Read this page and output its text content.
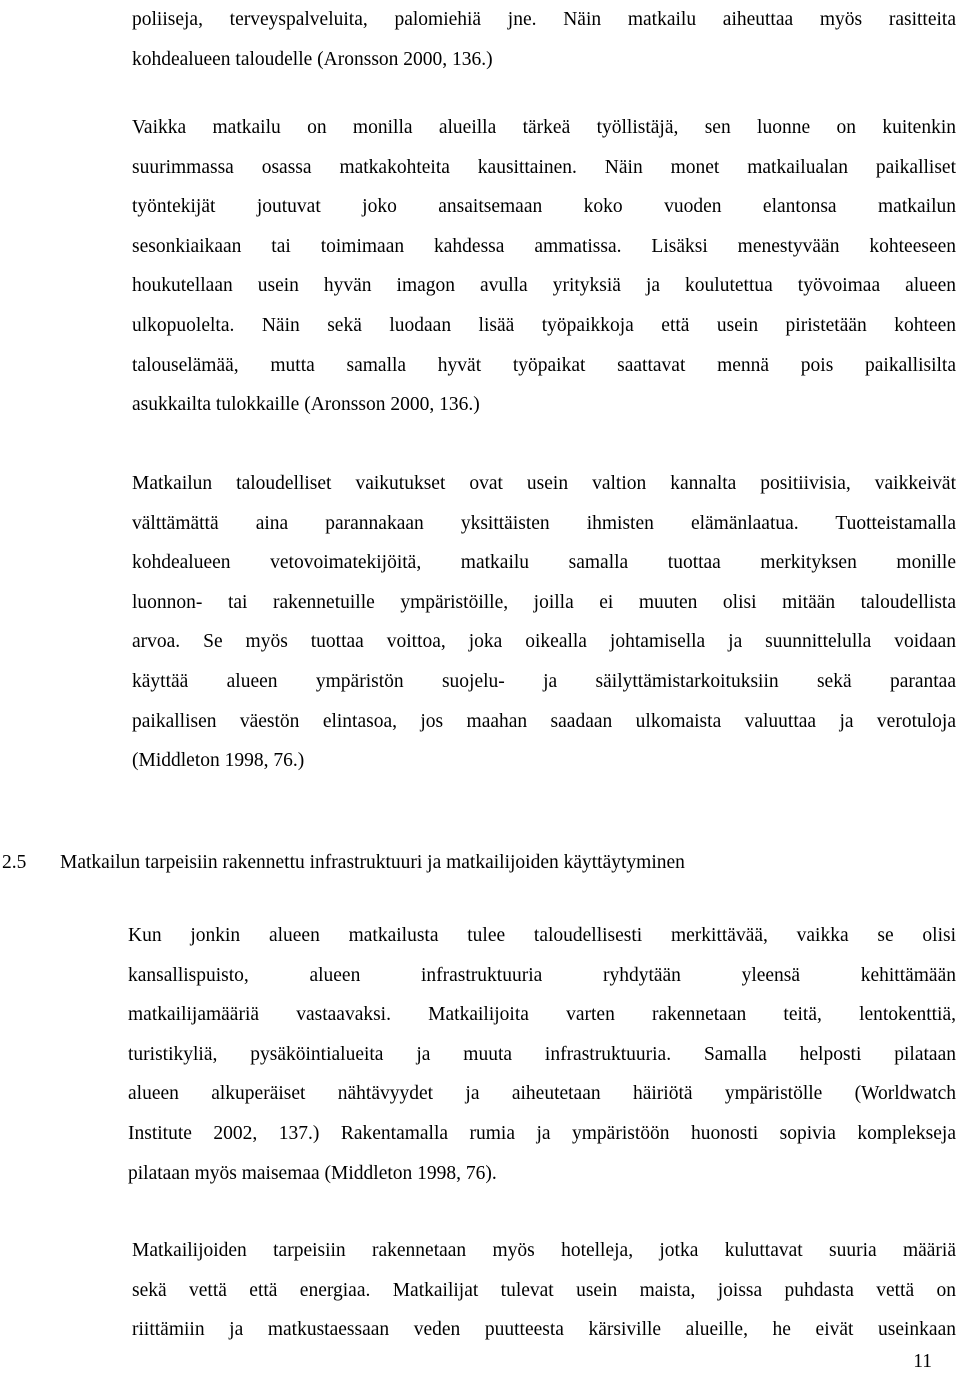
poliiseja, terveyspalveluita, palomiehiä jne. Näin matkailu aiheuttaa myös rasitteita
kohdealueen taloudelle (Aronsson 2000, 136.)
Vaikka matkailu on monilla alueilla tärkeä työllistäjä, sen luonne on kuitenkin
suurimmassa osassa matkakohteita kausittainen. Näin monet matkailualan paikalliset
työntekijät joutuvat joko ansaitsemaan koko vuoden elantonsa matkailun
sesonkiaikaan tai toimimaan kahdessa ammatissa. Lisäksi menestyvään kohteeseen
houkutellaan usein hyvän imagon avulla yrityksiä ja koulutettua työvoimaa alueen
ulkopuolelta. Näin sekä luodaan lisää työpaikkoja että usein piristetään kohteen
talouselämää, mutta samalla hyvät työpaikat saattavat mennä pois paikallisilta
asukkailta tulokkaille (Aronsson 2000, 136.)
Matkailun taloudelliset vaikutukset ovat usein valtion kannalta positiivisia, vaikkeivät
välttämättä aina parannakaan yksittäisten ihmisten elämänlaatua. Tuotteistamalla
kohdealueen vetovoimatekijöitä, matkailu samalla tuottaa merkityksen monille
luonnon- tai rakennetuille ympäristöille, joilla ei muuten olisi mitään taloudellista
arvoa. Se myös tuottaa voittoa, joka oikealla johtamisella ja suunnittelulla voidaan
käyttää alueen ympäristön suojelu- ja säilyttämistarkoituksiin sekä parantaa
paikallisen väestön elintasoa, jos maahan saadaan ulkomaista valuuttaa ja verotuloja
(Middleton 1998, 76.)
2.5 Matkailun tarpeisiin rakennettu infrastruktuuri ja matkailijoiden käyttäytyminen
Kun jonkin alueen matkailusta tulee taloudellisesti merkittävää, vaikka se olisi
kansallispuisto, alueen infrastruktuuria ryhdytään yleensä kehittämään
matkailijamääriä vastaavaksi. Matkailijoita varten rakennetaan teitä, lentokenttiä,
turistikyliä, pysäköintialueita ja muuta infrastruktuuria. Samalla helposti pilataan
alueen alkuperäiset nähtävyydet ja aiheutetaan häiriötä ympäristölle (Worldwatch
Institute 2002, 137.) Rakentamalla rumia ja ympäristöön huonosti sopivia komplekseja
pilataan myös maisemaa (Middleton 1998, 76).
Matkailijoiden tarpeisiin rakennetaan myös hotelleja, jotka kuluttavat suuria määriä
sekä vettä että energiaa. Matkailijat tulevat usein maista, joissa puhdasta vettä on
riittämiin ja matkustaessaan veden puutteesta kärsiville alueille, he eivät useinkaan
11
